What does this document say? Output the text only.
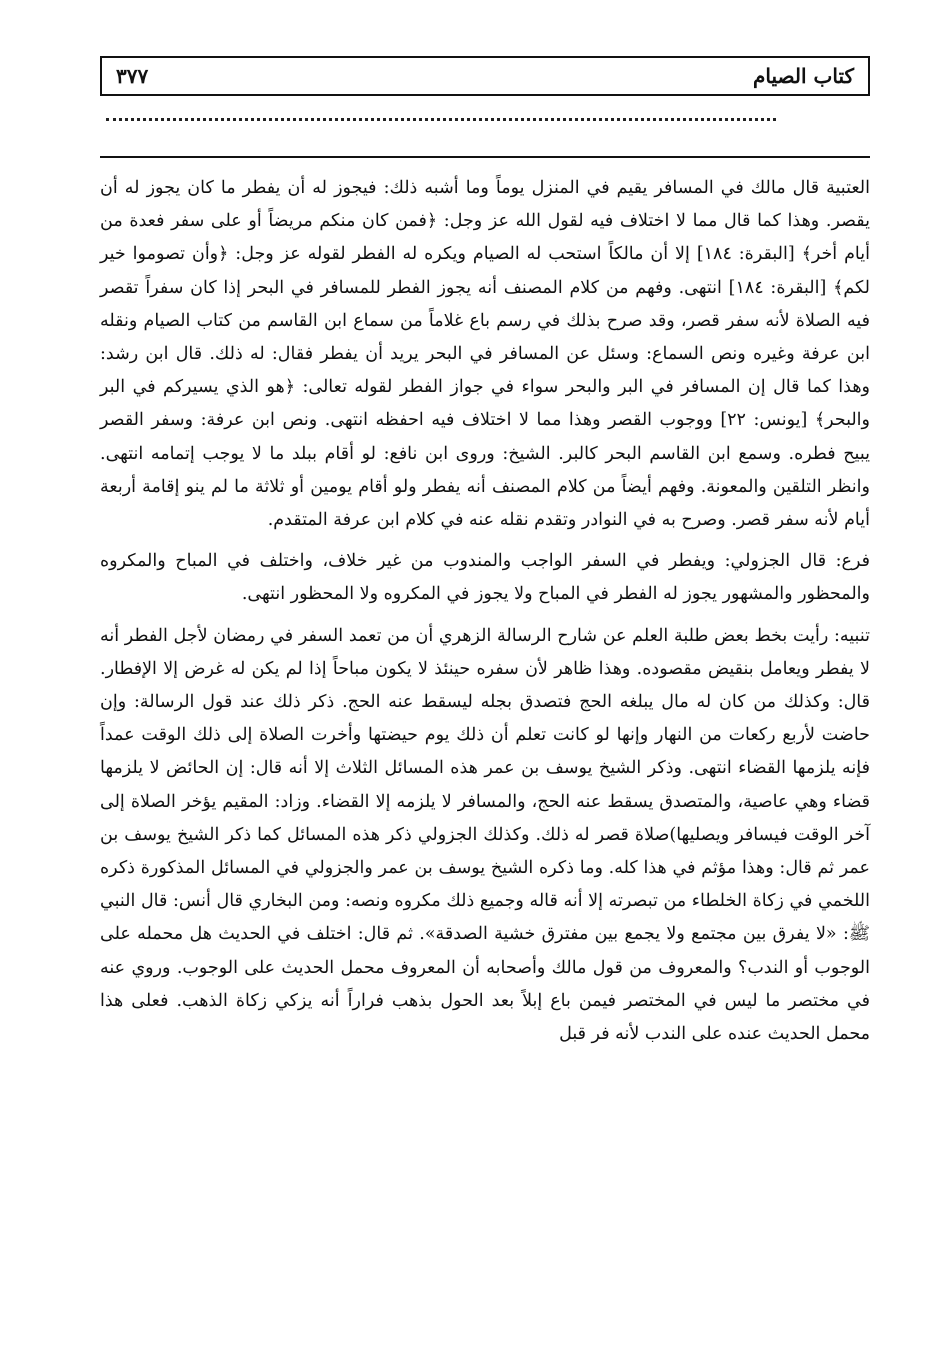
كتاب الصيام
٣٧٧

العتبية قال مالك في المسافر يقيم في المنزل يوماً وما أشبه ذلك: فيجوز له أن يفطر ما كان يجوز له أن يقصر. وهذا كما قال مما لا اختلاف فيه لقول الله عز وجل: ﴿فمن كان منكم مريضاً أو على سفر فعدة من أيام أخر﴾ [البقرة: ١٨٤] إلا أن مالكاً استحب له الصيام ويكره له الفطر لقوله عز وجل: ﴿وأن تصوموا خير لكم﴾ [البقرة: ١٨٤] انتهى. وفهم من كلام المصنف أنه يجوز الفطر للمسافر في البحر إذا كان سفراً تقصر فيه الصلاة لأنه سفر قصر، وقد صرح بذلك في رسم باع غلاماً من سماع ابن القاسم من كتاب الصيام ونقله ابن عرفة وغيره ونص السماع: وسئل عن المسافر في البحر يريد أن يفطر فقال: له ذلك. قال ابن رشد: وهذا كما قال إن المسافر في البر والبحر سواء في جواز الفطر لقوله تعالى: ﴿هو الذي يسيركم في البر والبحر﴾ [يونس: ٢٢] ووجوب القصر وهذا مما لا اختلاف فيه احفظه انتهى. ونص ابن عرفة: وسفر القصر يبيح فطره. وسمع ابن القاسم البحر كالبر. الشيخ: وروى ابن نافع: لو أقام ببلد ما لا يوجب إتمامه انتهى. وانظر التلقين والمعونة. وفهم أيضاً من كلام المصنف أنه يفطر ولو أقام يومين أو ثلاثة ما لم ينو إقامة أربعة أيام لأنه سفر قصر. وصرح به في النوادر وتقدم نقله عنه في كلام ابن عرفة المتقدم.

فرع: قال الجزولي: ويفطر في السفر الواجب والمندوب من غير خلاف، واختلف في المباح والمكروه والمحظور والمشهور يجوز له الفطر في المباح ولا يجوز في المكروه ولا المحظور انتهى.

تنبيه: رأيت بخط بعض طلبة العلم عن شارح الرسالة الزهري أن من تعمد السفر في رمضان لأجل الفطر أنه لا يفطر ويعامل بنقيض مقصوده. وهذا ظاهر لأن سفره حينئذ لا يكون مباحاً إذا لم يكن له غرض إلا الإفطار. قال: وكذلك من كان له مال يبلغه الحج فتصدق بجله ليسقط عنه الحج. ذكر ذلك عند قول الرسالة: وإن حاضت لأربع ركعات من النهار وإنها لو كانت تعلم أن ذلك يوم حيضتها وأخرت الصلاة إلى ذلك الوقت عمداً فإنه يلزمها القضاء انتهى. وذكر الشيخ يوسف بن عمر هذه المسائل الثلاث إلا أنه قال: إن الحائض لا يلزمها قضاء وهي عاصية، والمتصدق يسقط عنه الحج، والمسافر لا يلزمه إلا القضاء. وزاد: المقيم يؤخر الصلاة إلى آخر الوقت فيسافر ويصليها)صلاة قصر له ذلك. وكذلك الجزولي ذكر هذه المسائل كما ذكر الشيخ يوسف بن عمر ثم قال: وهذا مؤثم في هذا كله. وما ذكره الشيخ يوسف بن عمر والجزولي في المسائل المذكورة ذكره اللخمي في زكاة الخلطاء من تبصرته إلا أنه قاله وجميع ذلك مكروه ونصه: ومن البخاري قال أنس: قال النبي ﷺ: «لا يفرق بين مجتمع ولا يجمع بين مفترق خشية الصدقة». ثم قال: اختلف في الحديث هل محمله على الوجوب أو الندب؟ والمعروف من قول مالك وأصحابه أن المعروف محمل الحديث على الوجوب. وروي عنه في مختصر ما ليس في المختصر فيمن باع إبلاً بعد الحول بذهب فراراً أنه يزكي زكاة الذهب. فعلى هذا محمل الحديث عنده على الندب لأنه فر قبل
